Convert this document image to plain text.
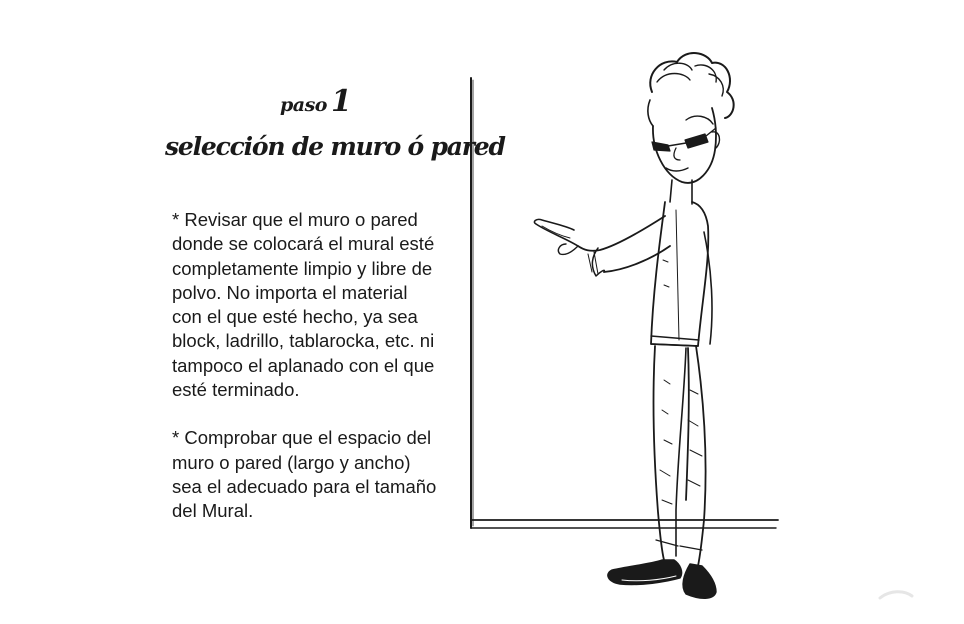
paso 1
selección de muro ó pared

* Revisar que el muro o pared
donde se colocará el mural esté
completamente limpio y libre de
polvo. No importa el material
con el que esté hecho, ya sea
block, ladrillo, tablarocka, etc. ni
tampoco el aplanado con el que
esté terminado.

* Comprobar que el espacio del
muro o pared (largo y ancho)
sea el adecuado para el tamaño
del Mural.
